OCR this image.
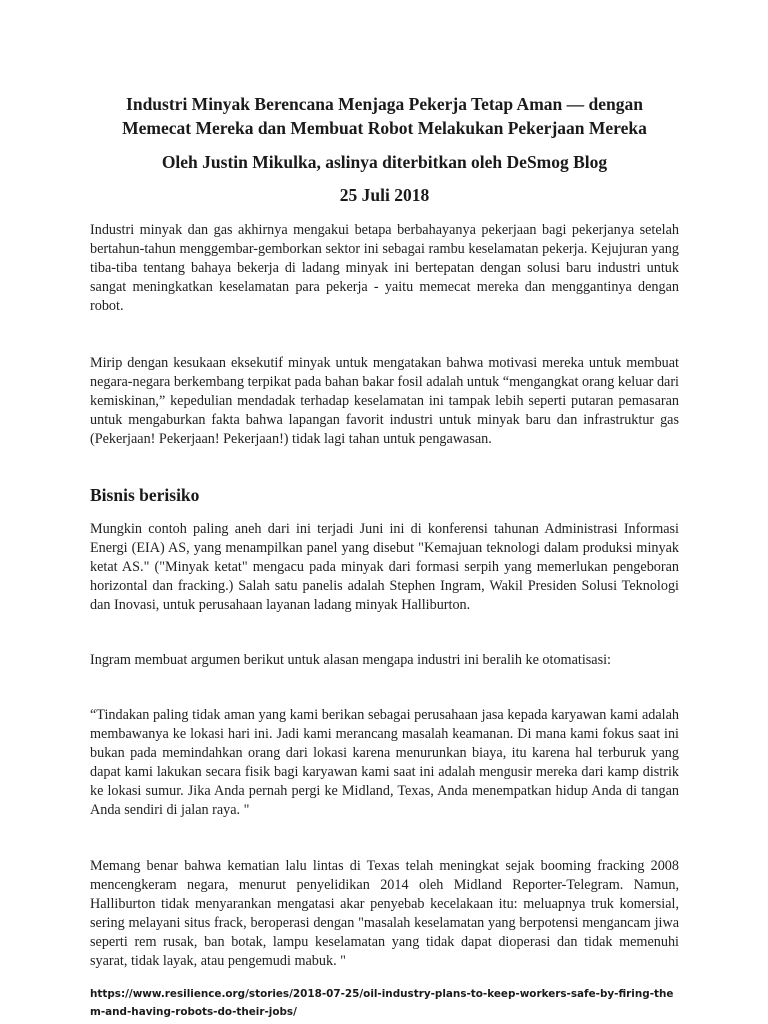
Industri Minyak Berencana Menjaga Pekerja Tetap Aman — dengan
Memecat Mereka dan Membuat Robot Melakukan Pekerjaan Mereka
Oleh Justin Mikulka, aslinya diterbitkan oleh DeSmog Blog
25 Juli 2018

Industri minyak dan gas akhirnya mengakui betapa berbahayanya pekerjaan bagi pekerjanya setelah bertahun-tahun menggembar-gemborkan sektor ini sebagai rambu keselamatan pekerja. Kejujuran yang tiba-tiba tentang bahaya bekerja di ladang minyak ini bertepatan dengan solusi baru industri untuk sangat meningkatkan keselamatan para pekerja - yaitu memecat mereka dan menggantinya dengan robot.

Mirip dengan kesukaan eksekutif minyak untuk mengatakan bahwa motivasi mereka untuk membuat negara-negara berkembang terpikat pada bahan bakar fosil adalah untuk “mengangkat orang keluar dari kemiskinan,” kepedulian mendadak terhadap keselamatan ini tampak lebih seperti putaran pemasaran untuk mengaburkan fakta bahwa lapangan favorit industri untuk minyak baru dan infrastruktur gas (Pekerjaan! Pekerjaan! Pekerjaan!) tidak lagi tahan untuk pengawasan.

Bisnis berisiko

Mungkin contoh paling aneh dari ini terjadi Juni ini di konferensi tahunan Administrasi Informasi Energi (EIA) AS, yang menampilkan panel yang disebut "Kemajuan teknologi dalam produksi minyak ketat AS." ("Minyak ketat" mengacu pada minyak dari formasi serpih yang memerlukan pengeboran horizontal dan fracking.) Salah satu panelis adalah Stephen Ingram, Wakil Presiden Solusi Teknologi dan Inovasi, untuk perusahaan layanan ladang minyak Halliburton.

Ingram membuat argumen berikut untuk alasan mengapa industri ini beralih ke otomatisasi:

“Tindakan paling tidak aman yang kami berikan sebagai perusahaan jasa kepada karyawan kami adalah membawanya ke lokasi hari ini. Jadi kami merancang masalah keamanan. Di mana kami fokus saat ini bukan pada memindahkan orang dari lokasi karena menurunkan biaya, itu karena hal terburuk yang dapat kami lakukan secara fisik bagi karyawan kami saat ini adalah mengusir mereka dari kamp distrik ke lokasi sumur. Jika Anda pernah pergi ke Midland, Texas, Anda menempatkan hidup Anda di tangan Anda sendiri di jalan raya. "

Memang benar bahwa kematian lalu lintas di Texas telah meningkat sejak booming fracking 2008 mencengkeram negara, menurut penyelidikan 2014 oleh Midland Reporter-Telegram. Namun, Halliburton tidak menyarankan mengatasi akar penyebab kecelakaan itu: meluapnya truk komersial, sering melayani situs frack, beroperasi dengan "masalah keselamatan yang berpotensi mengancam jiwa seperti rem rusak, ban botak, lampu keselamatan yang tidak dapat dioperasi dan tidak memenuhi syarat, tidak layak, atau pengemudi mabuk. "

https://www.resilience.org/stories/2018-07-25/oil-industry-plans-to-keep-workers-safe-by-firing-them-and-having-robots-do-their-jobs/
